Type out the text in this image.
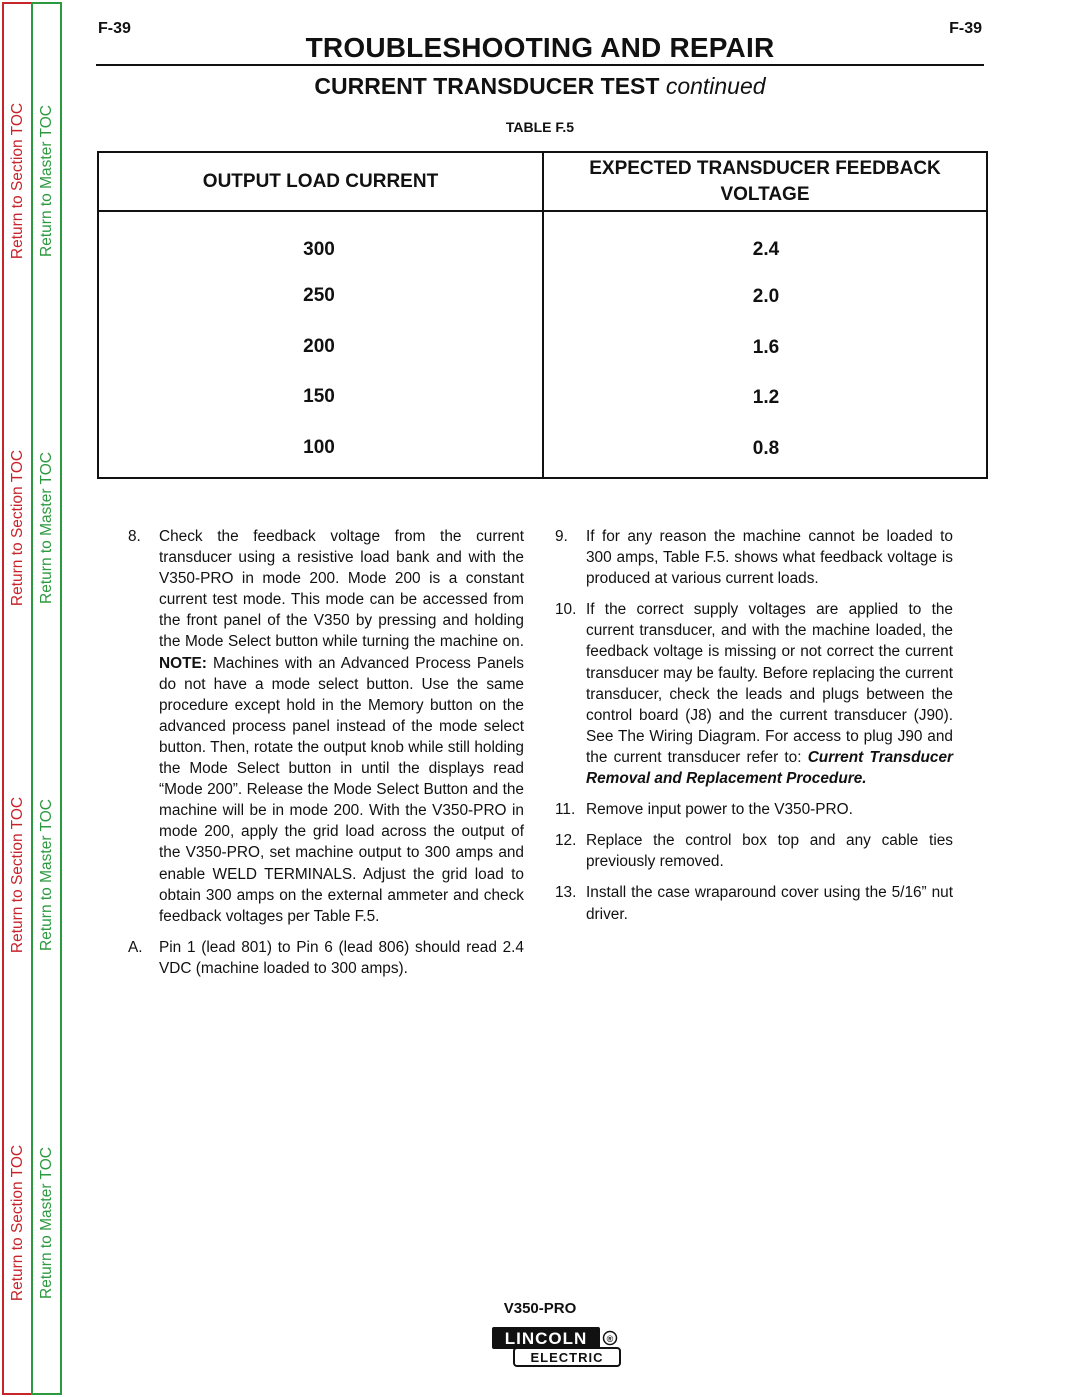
Return to Section TOC
Return to Section TOC
Return to Section TOC
Return to Section TOC
Return to Master TOC
Return to Master TOC
Return to Master TOC
Return to Master TOC
F-39	F-39
TROUBLESHOOTING AND REPAIR
CURRENT TRANSDUCER TEST continued
TABLE F.5
OUTPUT LOAD CURRENT
EXPECTED TRANSDUCER FEEDBACK
VOLTAGE
300	2.4
250	2.0
200	1.6
150	1.2
100	0.8
8.	Check the feedback voltage from the current transducer using a resistive load bank and with the V350-PRO in mode 200. Mode 200 is a constant current test mode. This mode can be accessed from the front panel of the V350 by pressing and holding the Mode Select button while turning the machine on. NOTE: Machines with an Advanced Process Panels do not have a mode select button. Use the same procedure except hold in the Memory button on the advanced process panel instead of the mode select button. Then, rotate the output knob while still holding the Mode Select button in until the displays read “Mode 200”. Release the Mode Select Button and the machine will be in mode 200. With the V350-PRO in mode 200, apply the grid load across the output of the V350-PRO, set machine output to 300 amps and enable WELD TERMINALS. Adjust the grid load to obtain 300 amps on the external ammeter and check feedback voltages per Table F.5.
A.	Pin 1 (lead 801) to Pin 6 (lead 806) should read 2.4 VDC (machine loaded to 300 amps).
9.	If for any reason the machine cannot be loaded to 300 amps, Table F.5. shows what feedback voltage is produced at various current loads.
10. If the correct supply voltages are applied to the current transducer, and with the machine loaded, the feedback voltage is missing or not correct the current transducer may be faulty. Before replacing the current transducer, check the leads and plugs between the control board (J8) and the current transducer (J90). See The Wiring Diagram. For access to plug J90 and the current transducer refer to: Current Transducer Removal and Replacement Procedure.
11. Remove input power to the V350-PRO.
12. Replace the control box top and any cable ties previously removed.
13. Install the case wraparound cover using the 5/16” nut driver.
V350-PRO
LINCOLN ®
ELECTRIC
